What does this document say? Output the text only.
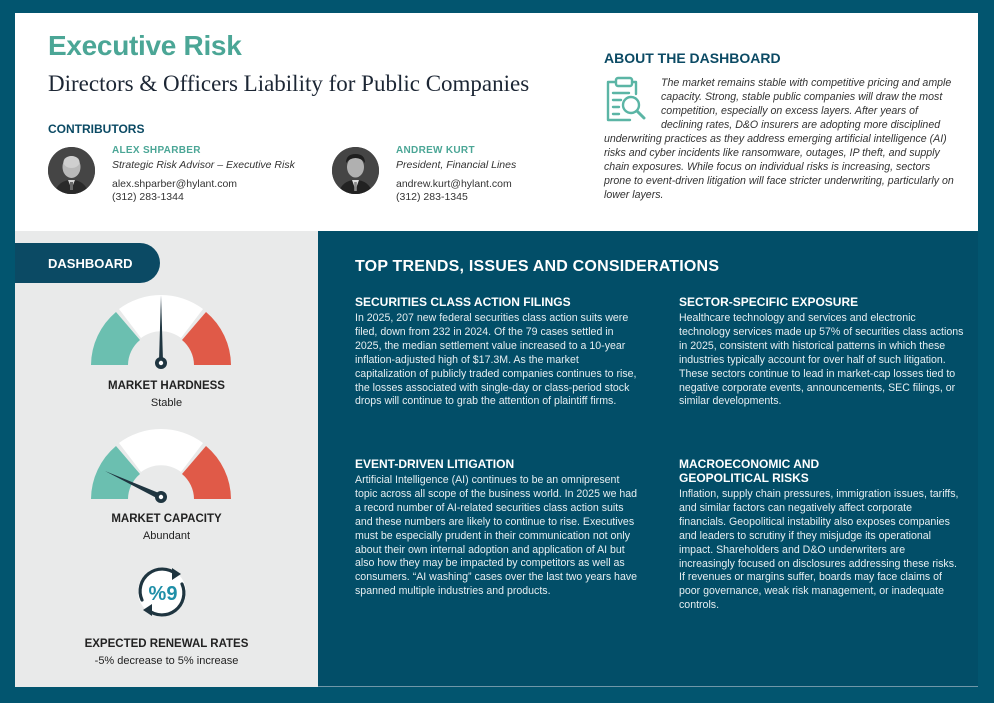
Executive Risk
Directors & Officers Liability for Public Companies
CONTRIBUTORS
ALEX SHPARBER
Strategic Risk Advisor – Executive Risk
alex.shparber@hylant.com
(312) 283-1344
ANDREW KURT
President, Financial Lines
andrew.kurt@hylant.com
(312) 283-1345
ABOUT THE DASHBOARD
The market remains stable with competitive pricing and ample capacity. Strong, stable public companies will draw the most competition, especially on excess layers. After years of declining rates, D&O insurers are adopting more disciplined underwriting practices as they address emerging artificial intelligence (AI) risks and cyber incidents like ransomware, outages, IP theft, and supply chain exposures. While focus on individual risks is increasing, sectors prone to event-driven litigation will face stricter underwriting, particularly on lower layers.
DASHBOARD
MARKET HARDNESS
Stable
MARKET CAPACITY
Abundant
%9
EXPECTED RENEWAL RATES
-5% decrease to 5% increase
TOP TRENDS, ISSUES AND CONSIDERATIONS
SECURITIES CLASS ACTION FILINGS

In 2025, 207 new federal securities class action suits were filed, down from 232 in 2024. Of the 79 cases settled in 2025, the median settlement value increased to a 10-year inflation-adjusted high of $17.3M. As the market capitalization of publicly traded companies continues to rise, the losses associated with single-day or class-period stock drops will continue to grab the attention of plaintiff firms.

EVENT-DRIVEN LITIGATION

Artificial Intelligence (AI) continues to be an omnipresent topic across all scope of the business world. In 2025 we had a record number of AI-related securities class action suits and these numbers are likely to continue to rise. Executives must be especially prudent in their communication not only about their own internal adoption and application of AI but also how they may be impacted by competitors as well as consumers. “AI washing” cases over the last two years have spanned multiple industries and products.

SECTOR-SPECIFIC EXPOSURE

Healthcare technology and services and electronic technology services made up 57% of securities class actions in 2025, consistent with historical patterns in which these industries typically account for over half of such litigation. These sectors continue to lead in market-cap losses tied to negative corporate events, announcements, SEC filings, or similar developments.

MACROECONOMIC AND GEOPOLITICAL RISKS

Inflation, supply chain pressures, immigration issues, tariffs, and similar factors can negatively affect corporate financials. Geopolitical instability also exposes companies and leaders to scrutiny if they misjudge its operational impact. Shareholders and D&O underwriters are increasingly focused on disclosures addressing these risks. If revenues or margins suffer, boards may face claims of poor governance, weak risk management, or inadequate controls.
